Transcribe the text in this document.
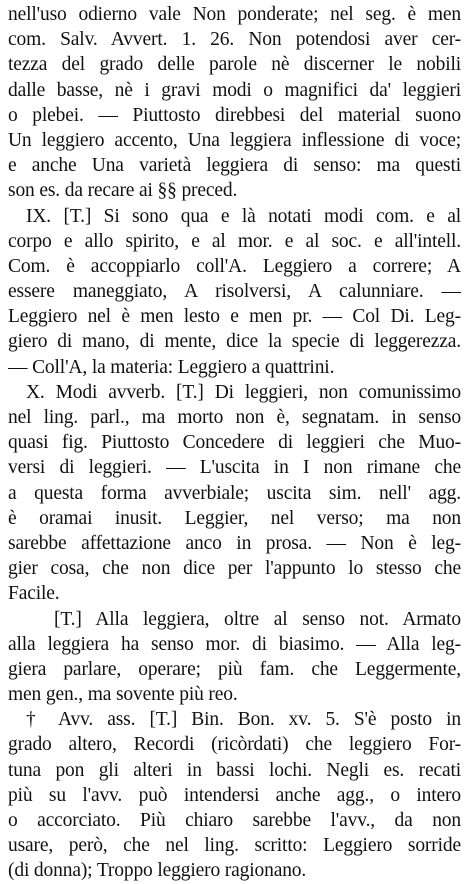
nell'uso odierno vale Non ponderate; nel seg. è men
com. Salv. Avvert. 1. 26. Non potendosi aver cer-
tezza del grado delle parole nè discerner le nobili
dalle basse, nè i gravi modi o magnifici da' leggieri
o plebei. — Piuttosto direbbesi del material suono
Un leggiero accento, Una leggiera inflessione di voce;
e anche Una varietà leggiera di senso: ma questi
son es. da recare ai §§ preced.
IX. [T.] Si sono qua e là notati modi com. e al
corpo e allo spirito, e al mor. e al soc. e all'intell.
Com. è accoppiarlo coll'A. Leggiero a correre; A
essere maneggiato, A risolversi, A calunniare. —
Leggiero nel è men lesto e men pr. — Col Di. Leg-
giero di mano, di mente, dice la specie di leggerezza.
— Coll'A, la materia: Leggiero a quattrini.
X. Modi avverb. [T.] Di leggieri, non comunissimo
nel ling. parl., ma morto non è, segnatam. in senso
quasi fig. Piuttosto Concedere di leggieri che Muo-
versi di leggieri. — L'uscita in I non rimane che
a questa forma avverbiale; uscita sim. nell' agg.
è oramai inusit. Leggier, nel verso; ma non
sarebbe affettazione anco in prosa. — Non è leg-
gier cosa, che non dice per l'appunto lo stesso che
Facile.
[T.] Alla leggiera, oltre al senso not. Armato
alla leggiera ha senso mor. di biasimo. — Alla leg-
giera parlare, operare; più fam. che Leggermente,
men gen., ma sovente più reo.
† Avv. ass. [T.] Bin. Bon. xv. 5. S'è posto in
grado altero, Recordi (ricòrdati) che leggiero For-
tuna pon gli alteri in bassi lochi. Negli es. recati
più su l'avv. può intendersi anche agg., o intero
o accorciato. Più chiaro sarebbe l'avv., da non
usare, però, che nel ling. scritto: Leggiero sorride
(di donna); Troppo leggiero ragionano.
